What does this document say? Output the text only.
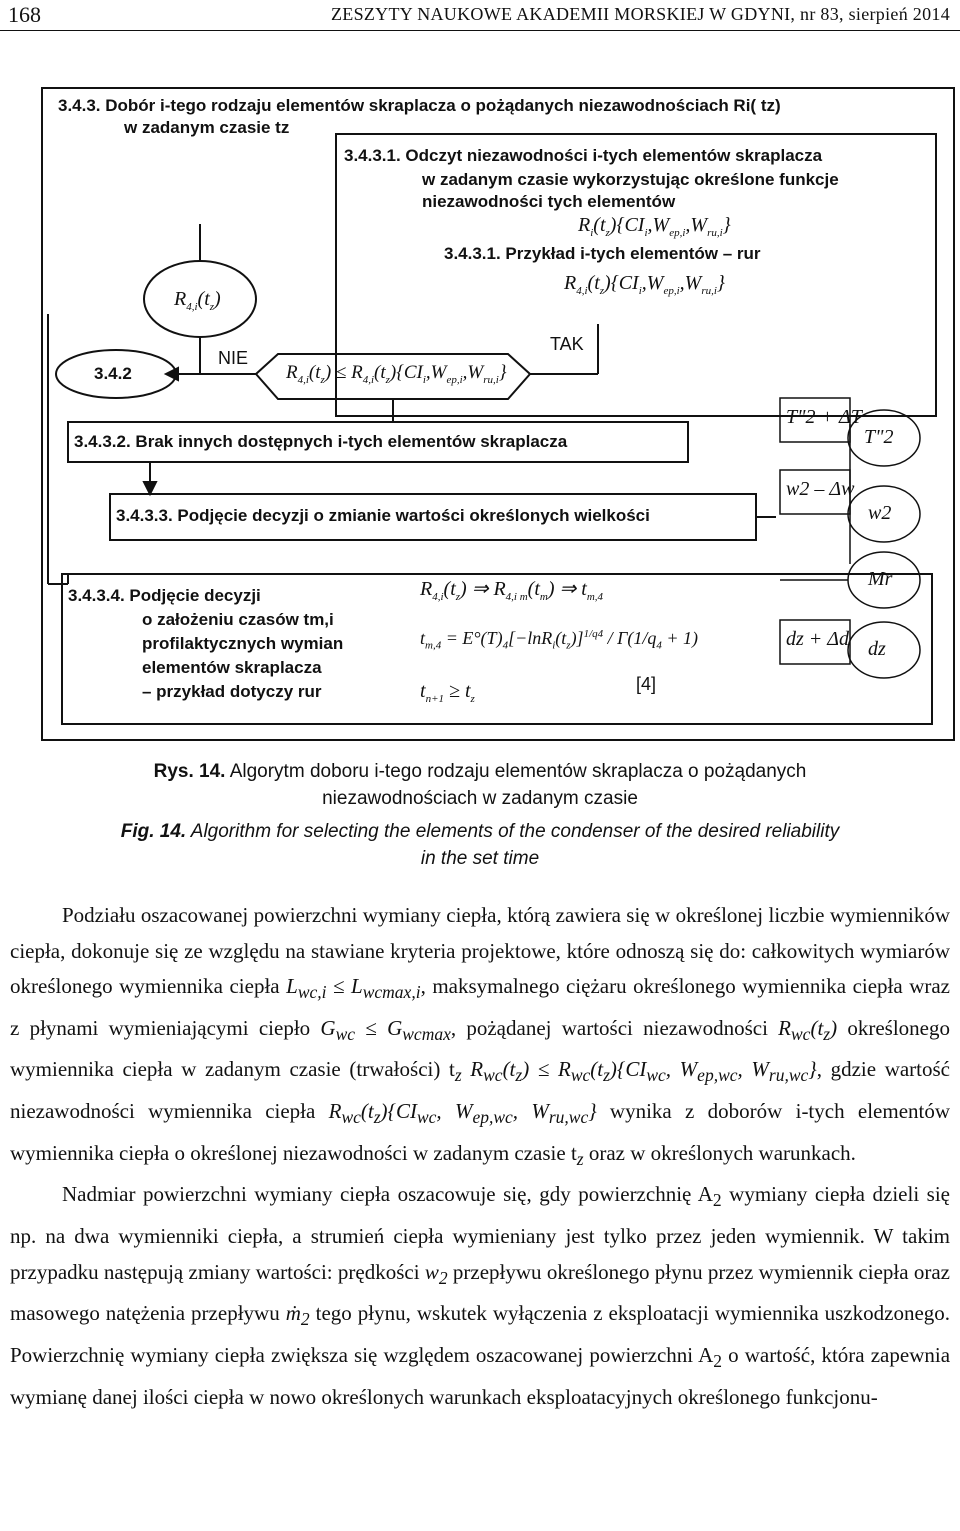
168	ZESZYTY NAUKOWE AKADEMII MORSKIEJ W GDYNI, nr 83, sierpień 2014
3.4.3. Dobór i-tego rodzaju elementów skraplacza o pożądanych niezawodnościach Ri( tz)
w zadanym czasie tz
3.4.3.1. Odczyt niezawodności i-tych elementów skraplacza
w zadanym czasie wykorzystując określone funkcje
niezawodności tych elementów
$R_i(t_z)\{CI_i,W_{ep,i},W_{ru,i}\}$
3.4.3.1. Przykład i-tych elementów – rur
$R_{4,i}(t_z)\{CI_i,W_{ep,i},W_{ru,i}\}$
$R_{4,i}(t_z)$
3.4.2
NIE
TAK
$R_{4,i}(t_z) \le R_{4,i}(t_z)\{CI_i,W_{ep,i},W_{ru,i}\}$
3.4.3.2. Brak innych dostępnych i-tych elementów skraplacza
3.4.3.3. Podjęcie decyzji o zmianie wartości określonych wielkości
3.4.3.4. Podjęcie decyzji
o założeniu czasów tm,i
profilaktycznych wymian
elementów skraplacza
– przykład dotyczy rur
$R_{4,i}(t_z)$ ⇒ $R_{4,i m}(t_m)$ ⇒ $t_{m,4}$
$t_{m,4} = E^\circ(T)_4[-\ln R_i(t_z)]^{1/q4} / \Gamma(1/q_4 + 1)$
$t_{n+1} \ge t_z$
[4]
T"2 + ΔT
T"2
w2 – Δw
w2
Mr
dz + Δd dz
Rys. 14. Algorytm doboru i-tego rodzaju elementów skraplacza o pożądanych
niezawodnościach w zadanym czasie
Fig. 14. Algorithm for selecting the elements of the condenser of the desired reliability
in the set time

Podziału oszacowanej powierzchni wymiany ciepła, którą zawiera się w określonej liczbie wymienników ciepła, dokonuje się ze względu na stawiane kryteria projektowe, które odnoszą się do: całkowitych wymiarów określonego wymiennika ciepła $L_{wc,i} \le L_{wcmax,i}$, maksymalnego ciężaru określonego wymiennika ciepła wraz z płynami wymieniającymi ciepło $G_{wc} \le G_{wcmax}$, pożądanej wartości niezawodności $R_{wc}(t_z)$ określonego wymiennika ciepła w zadanym czasie (trwałości) $t_z$ $R_{wc}(t_z) \le R_{wc}(t_z)\{CI_{wc}$, $W_{ep,wc}$, $W_{ru,wc}$}, gdzie wartość niezawodności wymiennika ciepła $R_{wc}(t_z)\{CI_{wc}$, $W_{ep,wc}$, $W_{ru,wc}$} wynika z doborów i-tych elementów wymiennika ciepła o określonej niezawodności w zadanym czasie $t_z$ oraz w określonych warunkach.

Nadmiar powierzchni wymiany ciepła oszacowuje się, gdy powierzchnię $A_2$ wymiany ciepła dzieli się np. na dwa wymienniki ciepła, a strumień ciepła wymieniany jest tylko przez jeden wymiennik. W takim przypadku następują zmiany wartości: prędkości $w_2$ przepływu określonego płynu przez wymiennik ciepła oraz masowego natężenia przepływu ṁ$_2$ tego płynu, wskutek wyłączenia z eksploatacji wymiennika uszkodzonego. Powierzchnię wymiany ciepła zwiększa się względem oszacowanej powierzchni $A_2$ o wartość, która zapewnia wymianę danej ilości ciepła w nowo określonych warunkach eksploatacyjnych określonego funkcjonu-
